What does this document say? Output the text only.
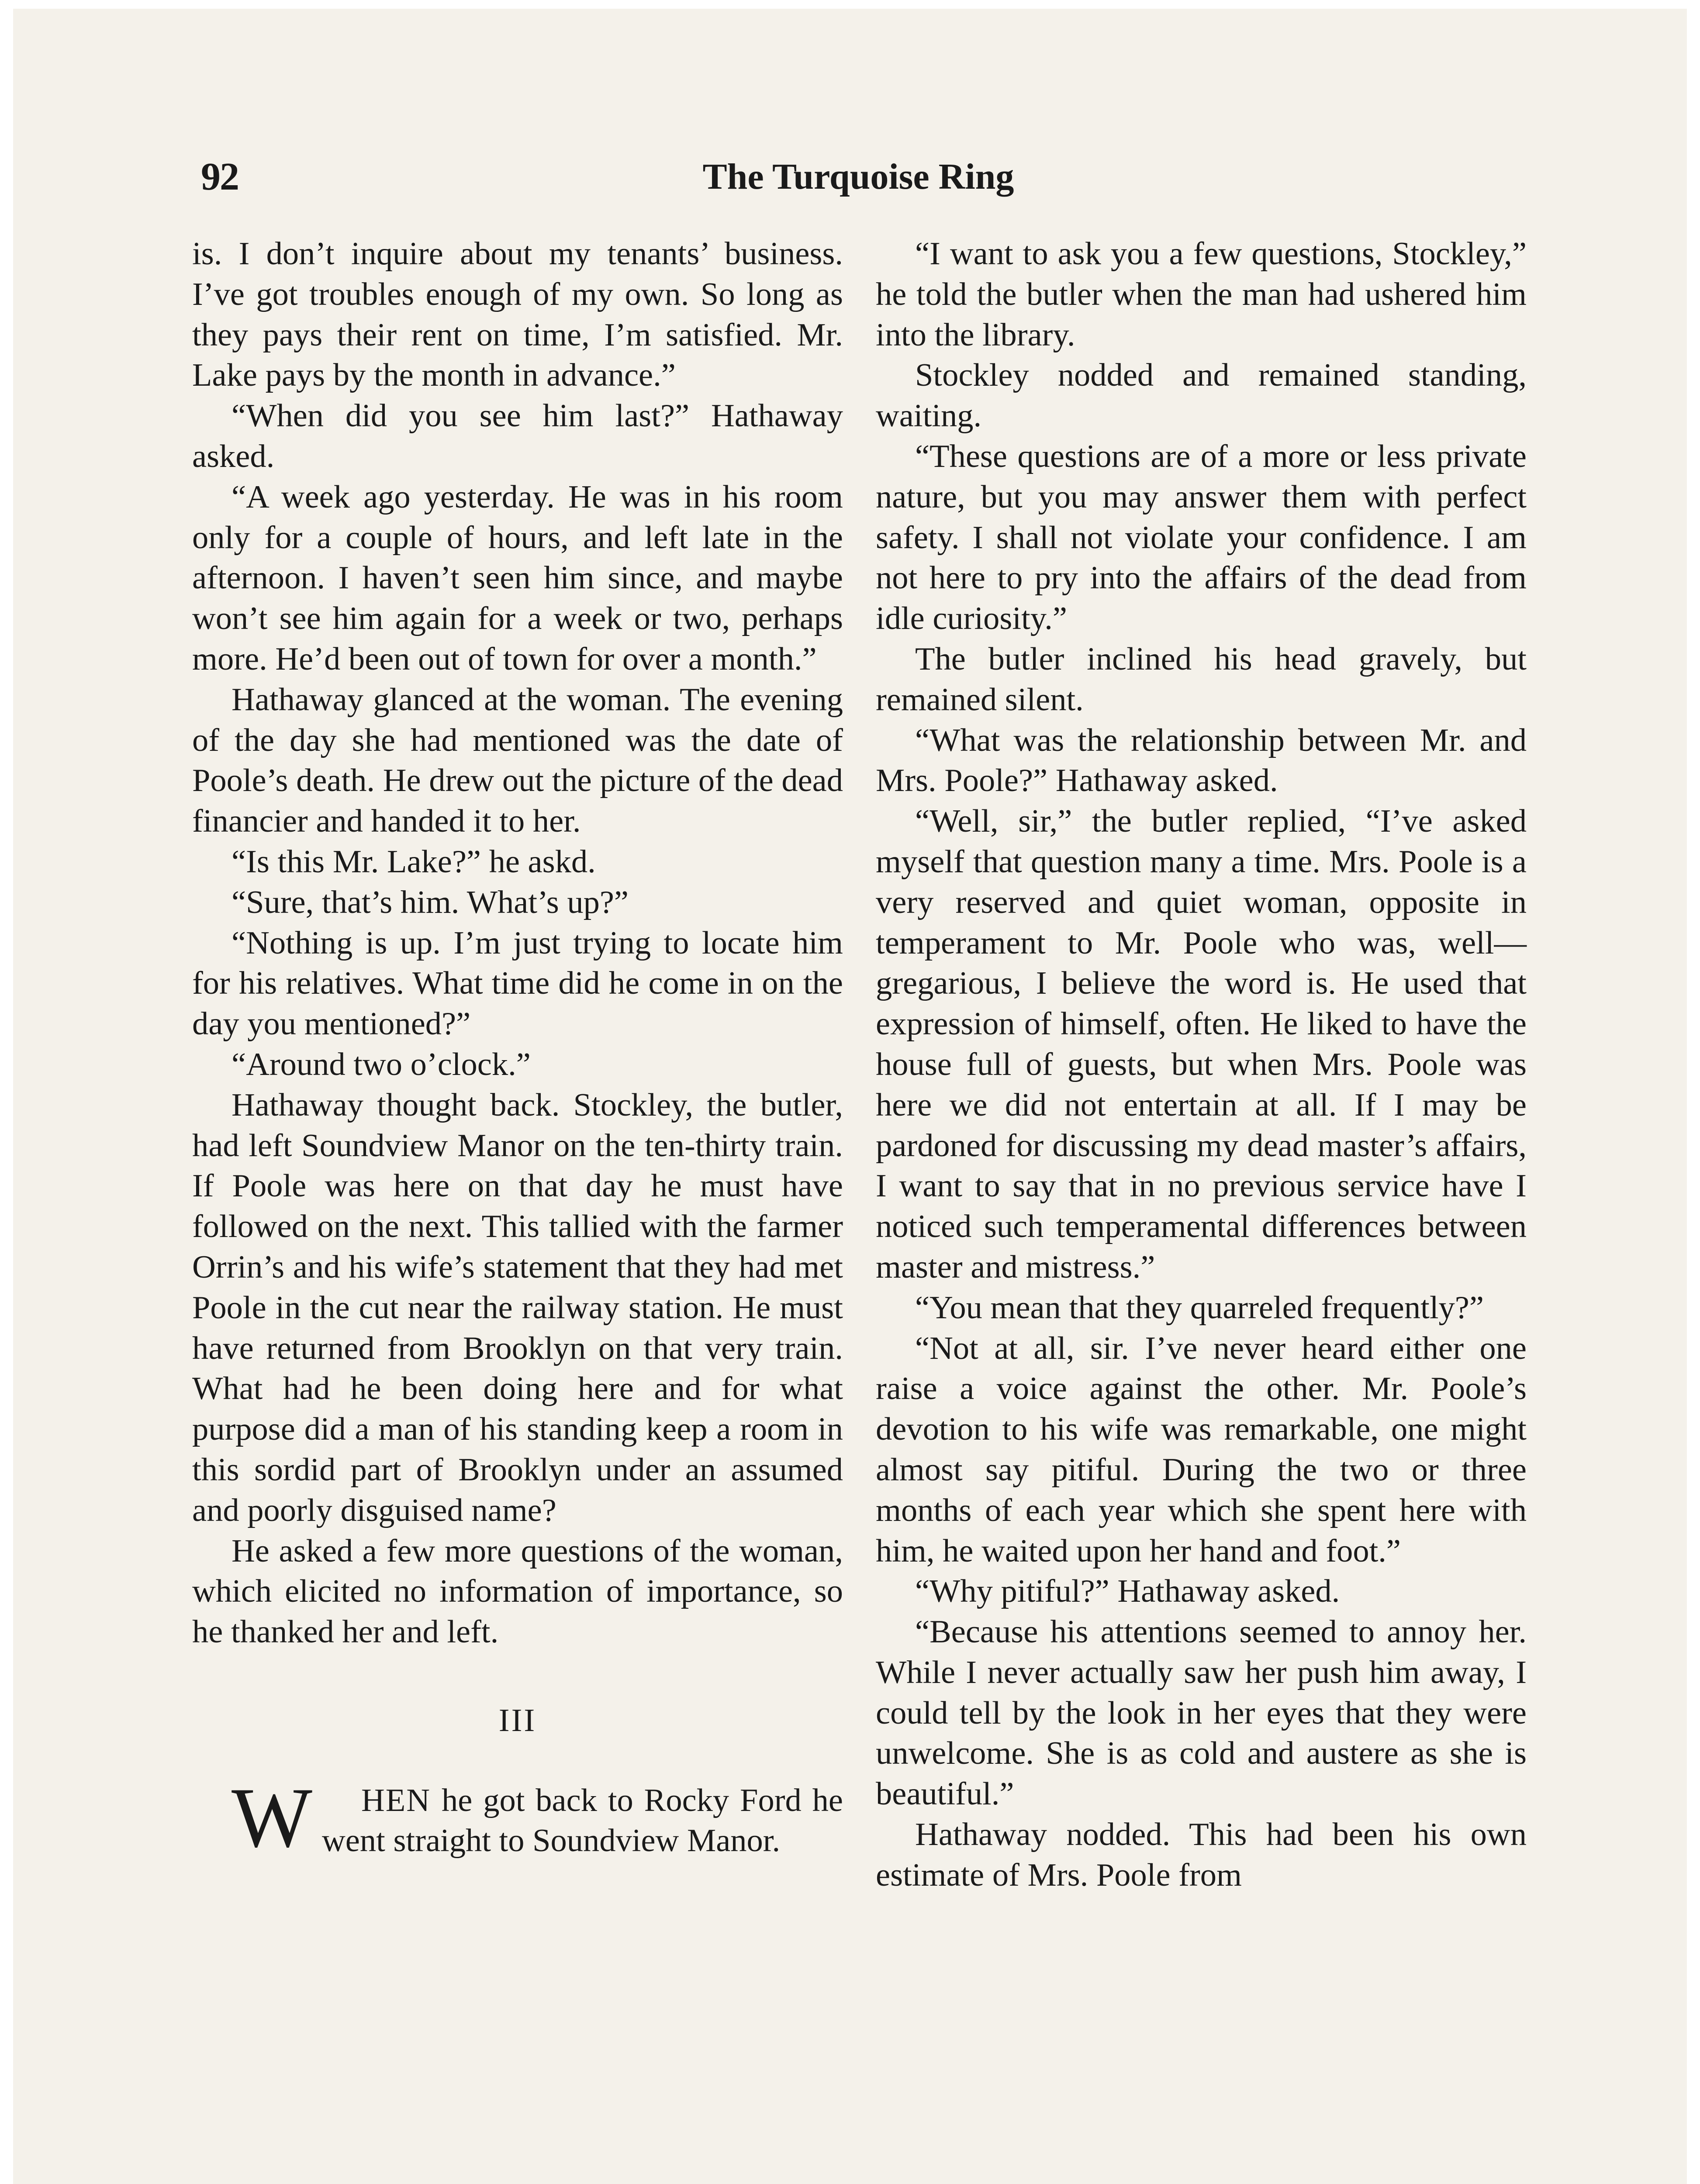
92	The Turquoise Ring

is. I don’t inquire about my tenants’ business. I’ve got troubles enough of my own. So long as they pays their rent on time, I’m satisfied. Mr. Lake pays by the month in advance.”

“When did you see him last?” Hathaway asked.

“A week ago yesterday. He was in his room only for a couple of hours, and left late in the afternoon. I haven’t seen him since, and maybe won’t see him again for a week or two, perhaps more. He’d been out of town for over a month.”

Hathaway glanced at the woman. The evening of the day she had mentioned was the date of Poole’s death. He drew out the picture of the dead financier and handed it to her.

“Is this Mr. Lake?” he askd.

“Sure, that’s him. What’s up?”

“Nothing is up. I’m just trying to locate him for his relatives. What time did he come in on the day you mentioned?”

“Around two o’clock.”

Hathaway thought back. Stockley, the butler, had left Soundview Manor on the ten-thirty train. If Poole was here on that day he must have followed on the next. This tallied with the farmer Orrin’s and his wife’s statement that they had met Poole in the cut near the railway station. He must have returned from Brooklyn on that very train. What had he been doing here and for what purpose did a man of his standing keep a room in this sordid part of Brooklyn under an assumed and poorly disguised name?

He asked a few more questions of the woman, which elicited no information of importance, so he thanked her and left.

III

W HEN he got back to Rocky Ford he went straight to Soundview Manor.

“I want to ask you a few questions, Stockley,” he told the butler when the man had ushered him into the library.

Stockley nodded and remained standing, waiting.

“These questions are of a more or less private nature, but you may answer them with perfect safety. I shall not violate your confidence. I am not here to pry into the affairs of the dead from idle curiosity.”

The butler inclined his head gravely, but remained silent.

“What was the relationship between Mr. and Mrs. Poole?” Hathaway asked.

“Well, sir,” the butler replied, “I’ve asked myself that question many a time. Mrs. Poole is a very reserved and quiet woman, opposite in temperament to Mr. Poole who was, well—gregarious, I believe the word is. He used that expression of himself, often. He liked to have the house full of guests, but when Mrs. Poole was here we did not entertain at all. If I may be pardoned for discussing my dead master’s affairs, I want to say that in no previous service have I noticed such temperamental differences between master and mistress.”

“You mean that they quarreled frequently?”

“Not at all, sir. I’ve never heard either one raise a voice against the other. Mr. Poole’s devotion to his wife was remarkable, one might almost say pitiful. During the two or three months of each year which she spent here with him, he waited upon her hand and foot.”

“Why pitiful?” Hathaway asked.

“Because his attentions seemed to annoy her. While I never actually saw her push him away, I could tell by the look in her eyes that they were unwelcome. She is as cold and austere as she is beautiful.”

Hathaway nodded. This had been his own estimate of Mrs. Poole from
